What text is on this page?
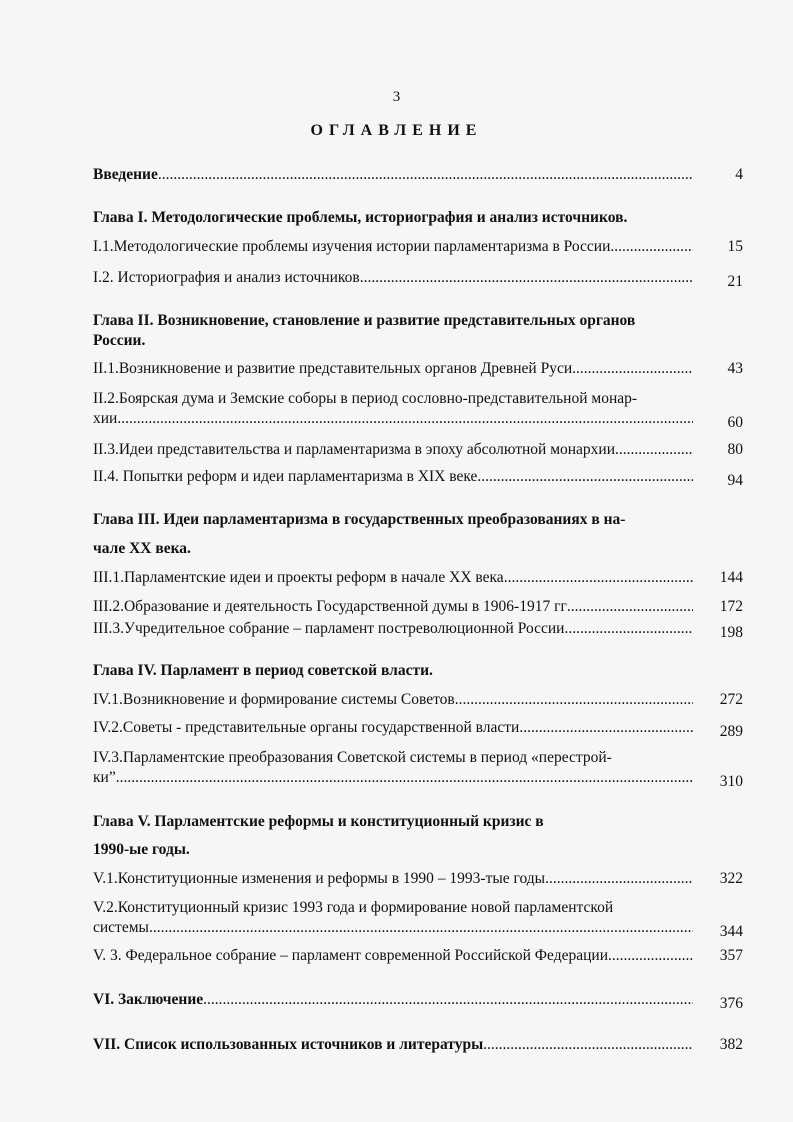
3
ОГЛАВЛЕНИЕ
Введение .....	4
Глава I. Методологические проблемы, историография и анализ источников.
I.1.Методологические проблемы изучения истории парламентаризма в России .....	15
I.2. Историография и анализ источников .....	21
Глава II. Возникновение, становление и развитие представительных органов
России.
II.1.Возникновение и развитие представительных органов Древней Руси .....	43
II.2.Боярская дума и Земские соборы в период сословно-представительной монар-
хии .....	60
II.3.Идеи представительства и парламентаризма в эпоху абсолютной монархии .....	80
II.4. Попытки реформ и идеи парламентаризма в XIX веке .....	94
Глава III. Идеи парламентаризма в государственных преобразованиях в на-
чале XX века.
III.1.Парламентские идеи и проекты реформ в начале XX века .....	144
III.2.Образование и деятельность Государственной думы в 1906-1917 гг .....	172
III.3.Учредительное собрание – парламент постреволюционной России .....	198
Глава IV. Парламент в период советской власти.
IV.1.Возникновение и формирование системы Советов .....	272
IV.2.Советы - представительные органы государственной власти .....	289
IV.3.Парламентские преобразования Советской системы в период «перестрой-
ки” .....	310
Глава V. Парламентские реформы и конституционный кризис в
1990-ые годы.
V.1.Конституционные изменения и реформы в 1990 – 1993-тые годы .....	322
V.2.Конституционный кризис 1993 года и формирование новой парламентской
системы .....	344
V. 3. Федеральное собрание – парламент современной Российской Федерации .....	357
VI. Заключение .....	376
VII. Список использованных источников и литературы .....	382
